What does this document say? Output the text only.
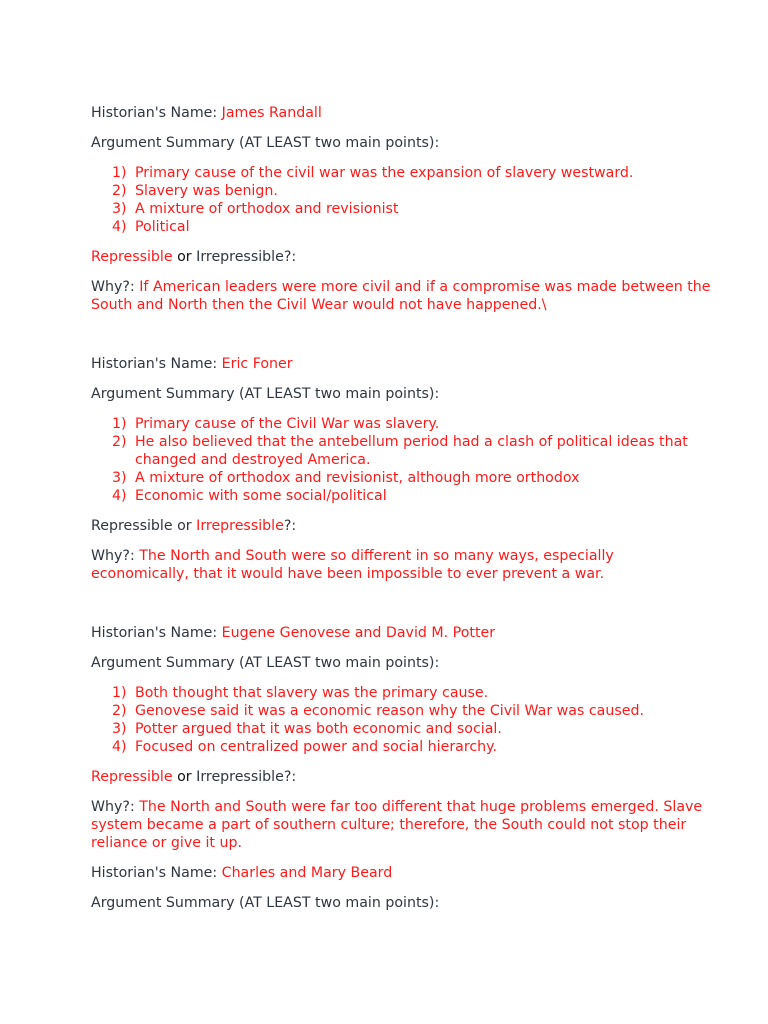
Historian's Name: James Randall
Argument Summary (AT LEAST two main points):
1) Primary cause of the civil war was the expansion of slavery westward.
2) Slavery was benign.
3) A mixture of orthodox and revisionist
4) Political
Repressible or Irrepressible?:
Why?: If American leaders were more civil and if a compromise was made between the South and North then the Civil Wear would not have happened.\
Historian's Name: Eric Foner
Argument Summary (AT LEAST two main points):
1) Primary cause of the Civil War was slavery.
2) He also believed that the antebellum period had a clash of political ideas that changed and destroyed America.
3) A mixture of orthodox and revisionist, although more orthodox
4) Economic with some social/political
Repressible or Irrepressible?:
Why?: The North and South were so different in so many ways, especially economically, that it would have been impossible to ever prevent a war.
Historian's Name: Eugene Genovese and David M. Potter
Argument Summary (AT LEAST two main points):
1) Both thought that slavery was the primary cause.
2) Genovese said it was a economic reason why the Civil War was caused.
3) Potter argued that it was both economic and social.
4) Focused on centralized power and social hierarchy.
Repressible or Irrepressible?:
Why?: The North and South were far too different that huge problems emerged. Slave system became a part of southern culture; therefore, the South could not stop their reliance or give it up.
Historian's Name: Charles and Mary Beard
Argument Summary (AT LEAST two main points):
